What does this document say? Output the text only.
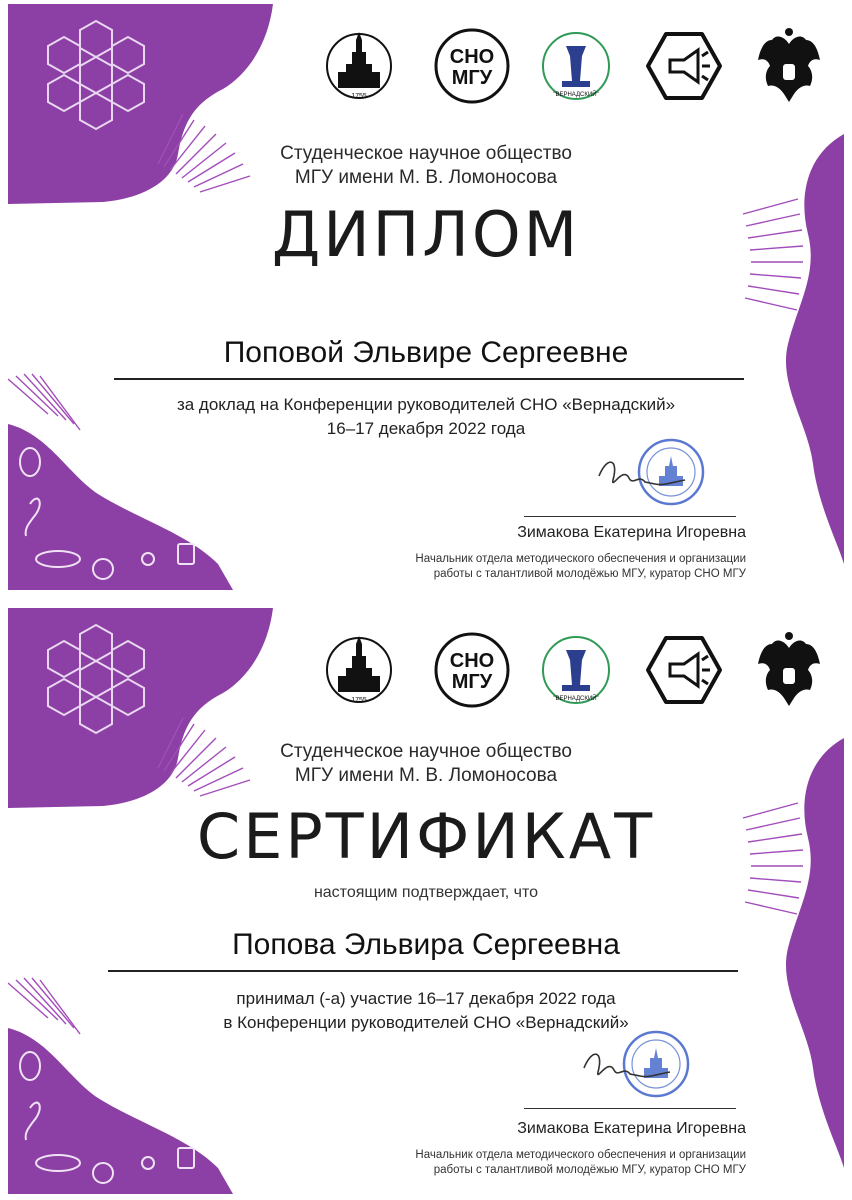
1755
СНО
МГУ
"ВЕРНАДСКИЙ"
Студенческое научное общество
МГУ имени М. В. Ломоносова
ДИПЛОМ
Поповой Эльвире Сергеевне
за доклад на Конференции руководителей СНО «Вернадский»
16–17 декабря 2022 года
Зимакова Екатерина Игоревна
Начальник отдела методического обеспечения и организации
работы с талантливой молодёжью МГУ, куратор СНО МГУ
1755
СНО
МГУ
"ВЕРНАДСКИЙ"
Студенческое научное общество
МГУ имени М. В. Ломоносова
СЕРТИФИКАТ
настоящим подтверждает, что
Попова Эльвира Сергеевна
принимал (-а) участие 16–17 декабря 2022 года
в Конференции руководителей СНО «Вернадский»
Зимакова Екатерина Игоревна
Начальник отдела методического обеспечения и организации
работы с талантливой молодёжью МГУ, куратор СНО МГУ
